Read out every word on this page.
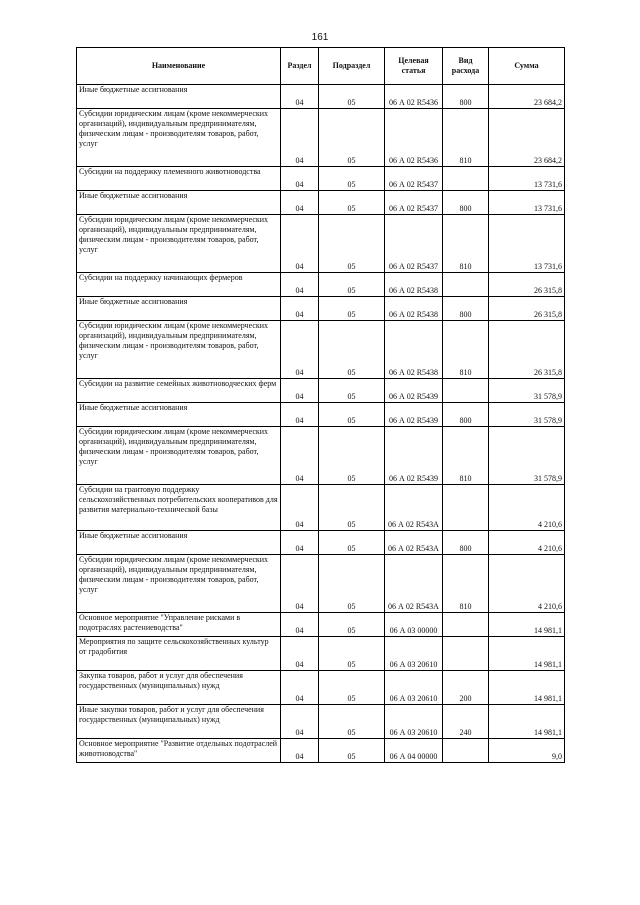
161
Наименование	Раздел	Подраздел	Целевая статья	Вид расхода	Сумма
Иные бюджетные ассигнования	04	05	06 А 02 R5436	800	23 684,2
Субсидии юридическим лицам (кроме некоммерческих организаций), индивидуальным предпринимателям, физическим лицам - производителям товаров, работ, услуг	04	05	06 А 02 R5436	810	23 684,2
Субсидии на поддержку племенного животноводства	04	05	06 А 02 R5437		13 731,6
Иные бюджетные ассигнования	04	05	06 А 02 R5437	800	13 731,6
Субсидии юридическим лицам (кроме некоммерческих организаций), индивидуальным предпринимателям, физическим лицам - производителям товаров, работ, услуг	04	05	06 А 02 R5437	810	13 731,6
Субсидии на поддержку начинающих фермеров	04	05	06 А 02 R5438		26 315,8
Иные бюджетные ассигнования	04	05	06 А 02 R5438	800	26 315,8
Субсидии юридическим лицам (кроме некоммерческих организаций), индивидуальным предпринимателям, физическим лицам - производителям товаров, работ, услуг	04	05	06 А 02 R5438	810	26 315,8
Субсидии на развитие семейных животноводческих ферм	04	05	06 А 02 R5439		31 578,9
Иные бюджетные ассигнования	04	05	06 А 02 R5439	800	31 578,9
Субсидии юридическим лицам (кроме некоммерческих организаций), индивидуальным предпринимателям, физическим лицам - производителям товаров, работ, услуг	04	05	06 А 02 R5439	810	31 578,9
Субсидии на грантовую поддержку сельскохозяйственных потребительских кооперативов для развития материально-технической базы	04	05	06 А 02 R543А		4 210,6
Иные бюджетные ассигнования	04	05	06 А 02 R543А	800	4 210,6
Субсидии юридическим лицам (кроме некоммерческих организаций), индивидуальным предпринимателям, физическим лицам - производителям товаров, работ, услуг	04	05	06 А 02 R543А	810	4 210,6
Основное мероприятие "Управление рисками в подотраслях растениеводства"	04	05	06 А 03 00000		14 981,1
Мероприятия по защите сельскохозяйственных культур от градобития	04	05	06 А 03 20610		14 981,1
Закупка товаров, работ и услуг для обеспечения государственных (муниципальных) нужд	04	05	06 А 03 20610	200	14 981,1
Иные закупки товаров, работ и услуг для обеспечения государственных (муниципальных) нужд	04	05	06 А 03 20610	240	14 981,1
Основное мероприятие "Развитие отдельных подотраслей животноводства"	04	05	06 А 04 00000		9,0
